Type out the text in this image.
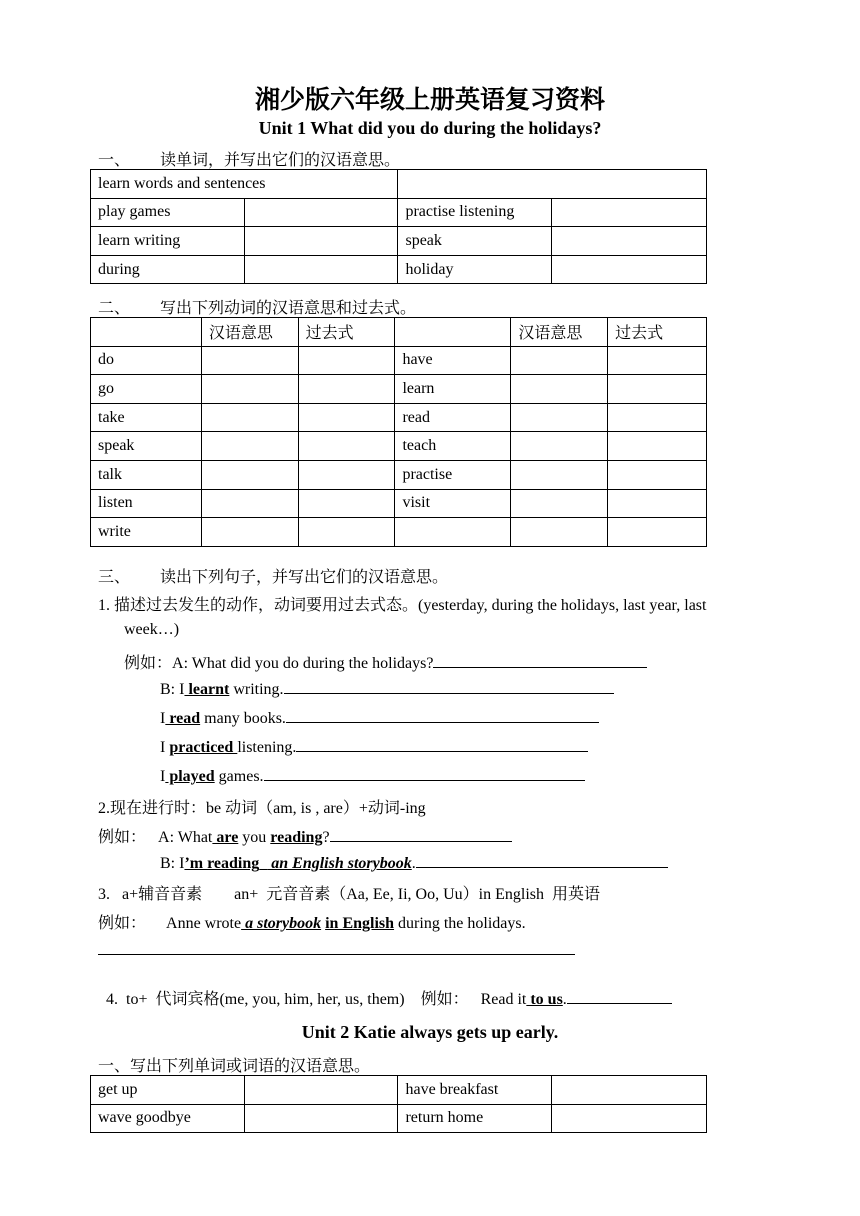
湘少版六年级上册英语复习资料
Unit 1 What did you do during the holidays?
一、 读单词，并写出它们的汉语意思。
learn words and sentences			
play games		practise listening	
learn writing		speak	
during		holiday	
二、 写出下列动词的汉语意思和过去式。
	汉语意思	过去式		汉语意思	过去式
do			have		
go			learn		
take			read		
speak			teach		
talk			practise		
listen			visit		
write					
三、 读出下列句子，并写出它们的汉语意思。
1. 描述过去发生的动作，动词要用过去式态。(yesterday, during the holidays, last year, last
week…)
例如：A: What did you do during the holidays?
B: I learnt writing.
I read many books.
I practiced listening.
I played games.
2.现在进行时：be 动词（am, is , are）+动词-ing
例如： A: What are you reading?
B: I’m reading   an English storybook.
3.   a+辅音音素        an+  元音音素（Aa, Ee, Ii, Oo, Uu）in English  用英语
例如： Anne wrote a storybook in English during the holidays.

4.  to+  代词宾格(me, you, him, her, us, them)    例如：   Read it to us.

Unit 2 Katie always gets up early.
一、写出下列单词或词语的汉语意思。
get up		have breakfast	
wave goodbye		return home	
